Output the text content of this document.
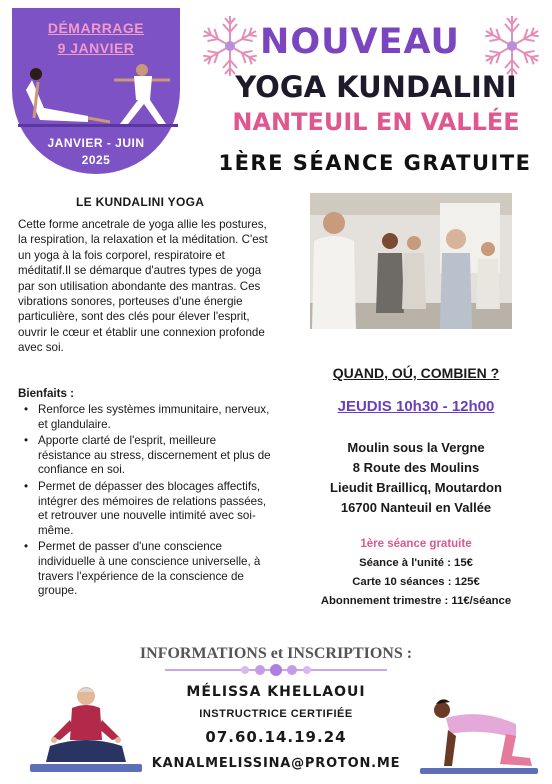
DÉMARRAGE
9 JANVIER
JANVIER - JUIN
2025
NOUVEAU
YOGA KUNDALINI
NANTEUIL EN VALLÉE
1ÈRE SÉANCE GRATUITE
LE KUNDALINI YOGA
Cette forme ancetrale de yoga allie les postures, la respiration, la relaxation et la méditation. C'est un yoga à la fois corporel, respiratoire et méditatif.Il se démarque d'autres types de yoga par son utilisation abondante des mantras. Ces vibrations sonores, porteuses d'une énergie particulière, sont des clés pour élever l'esprit, ouvrir le cœur et établir une connexion profonde avec soi.
Bienfaits :
• Renforce les systèmes immunitaire, nerveux, et glandulaire.
• Apporte clarté de l'esprit, meilleure résistance au stress, discernement et plus de confiance en soi.
• Permet de dépasser des blocages affectifs, intégrer des mémoires de relations passées, et retrouver une nouvelle intimité avec soi-même.
• Permet de passer d'une conscience individuelle à une conscience universelle, à travers l'expérience de la conscience de groupe.
QUAND, OÚ, COMBIEN ?
JEUDIS 10h30 - 12h00
Moulin sous la Vergne
8 Route des Moulins
Lieudit Braillicq, Moutardon
16700 Nanteuil en Vallée
1ère séance gratuite
Séance à l'unité : 15€
Carte 10 séances : 125€
Abonnement trimestre : 11€/séance
INFORMATIONS et INSCRIPTIONS :
MÉLISSA KHELLAOUI
INSTRUCTRICE CERTIFIÉE
07.60.14.19.24
KANALMELISSINA@PROTON.ME
